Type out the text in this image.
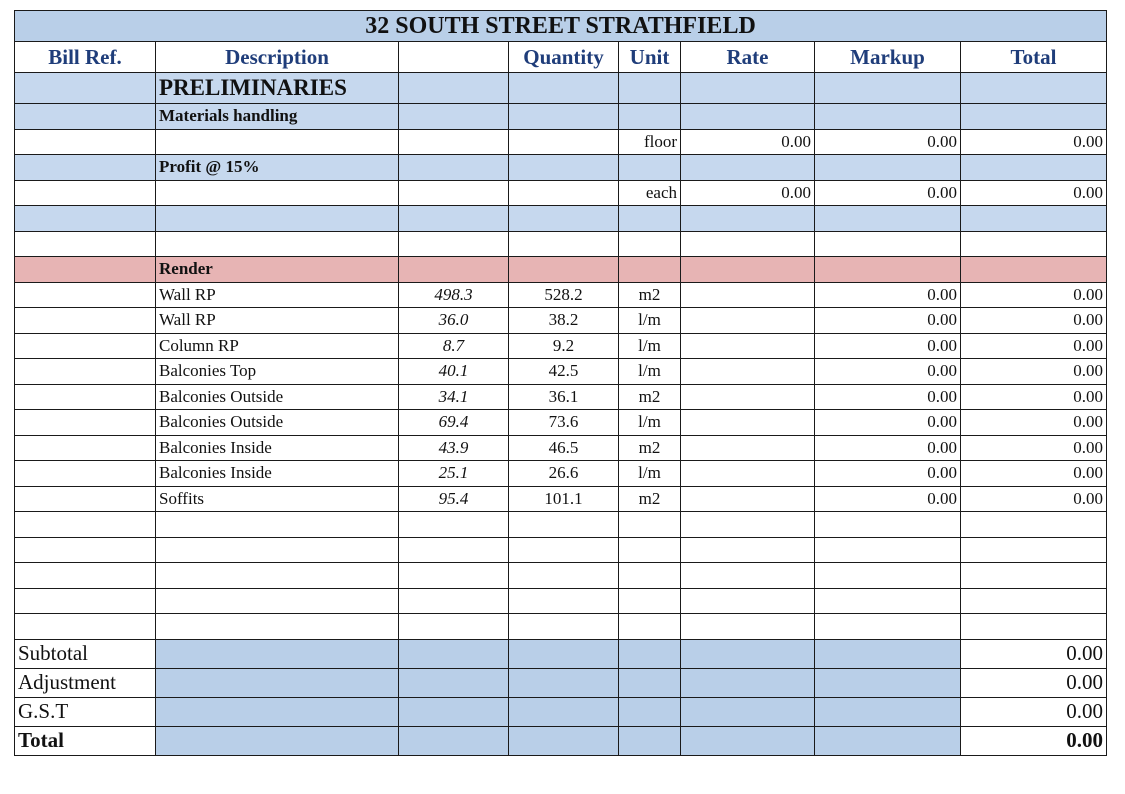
32 SOUTH STREET STRATHFIELD							
Bill Ref.	Description		Quantity	Unit	Rate	Markup	Total
	PRELIMINARIES						
	Materials handling						
				floor	0.00	0.00	0.00
	Profit @ 15%						
				each	0.00	0.00	0.00

	Render						
	Wall RP	498.3	528.2	m2		0.00	0.00
	Wall RP	36.0	38.2	l/m		0.00	0.00
	Column RP	8.7	9.2	l/m		0.00	0.00
	Balconies Top	40.1	42.5	l/m		0.00	0.00
	Balconies Outside	34.1	36.1	m2		0.00	0.00
	Balconies Outside	69.4	73.6	l/m		0.00	0.00
	Balconies Inside	43.9	46.5	m2		0.00	0.00
	Balconies Inside	25.1	26.6	l/m		0.00	0.00
	Soffits	95.4	101.1	m2		0.00	0.00

Subtotal							0.00
Adjustment							0.00
G.S.T							0.00
Total							0.00
